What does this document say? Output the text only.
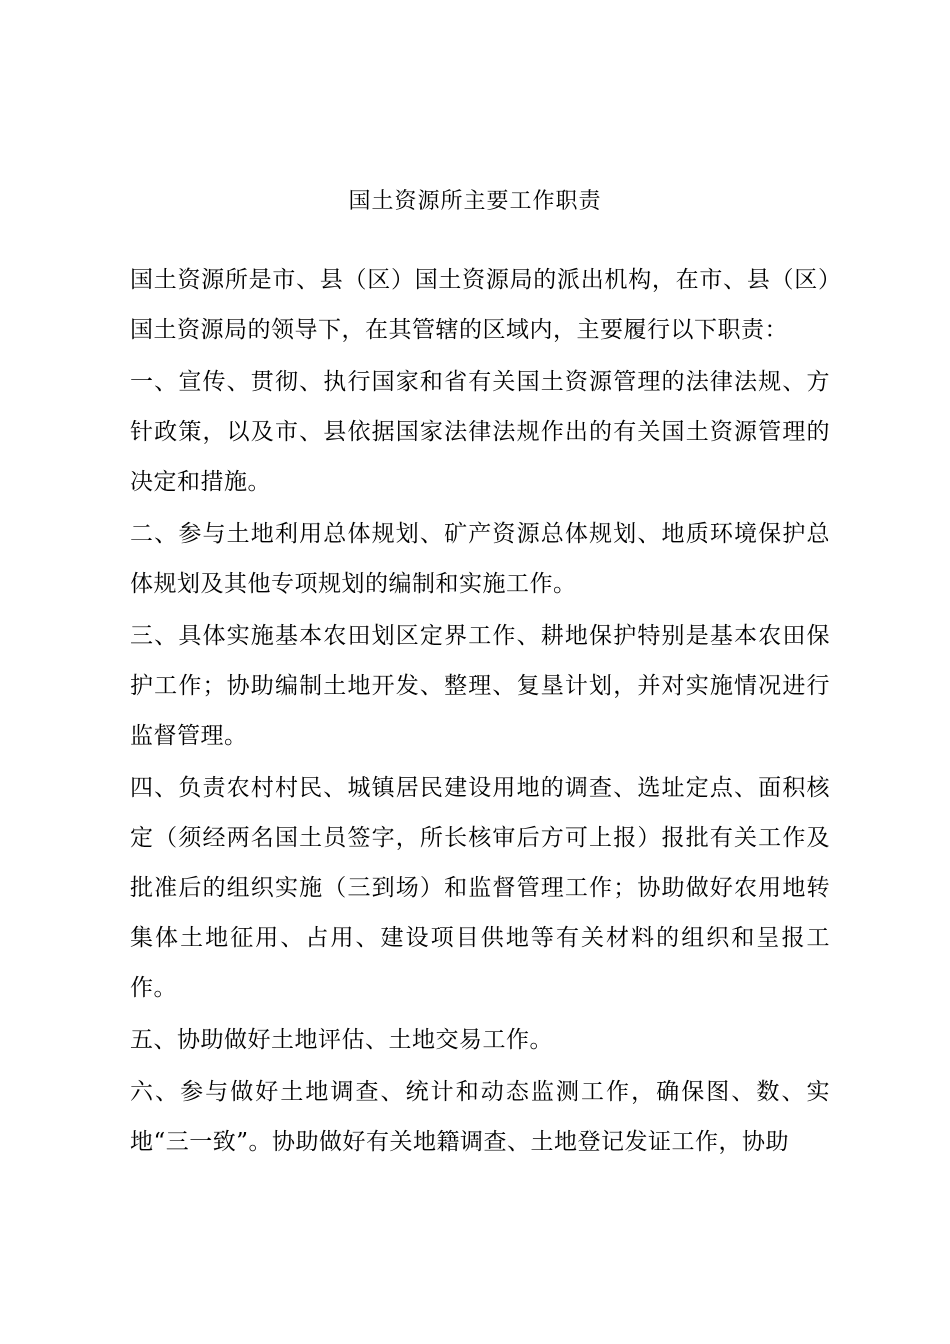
国土资源所主要工作职责

国土资源所是市、县（区）国土资源局的派出机构，在市、县（区）国土资源局的领导下，在其管辖的区域内，主要履行以下职责：

一、宣传、贯彻、执行国家和省有关国土资源管理的法律法规、方针政策，以及市、县依据国家法律法规作出的有关国土资源管理的决定和措施。

二、参与土地利用总体规划、矿产资源总体规划、地质环境保护总体规划及其他专项规划的编制和实施工作。

三、具体实施基本农田划区定界工作、耕地保护特别是基本农田保护工作；协助编制土地开发、整理、复垦计划，并对实施情况进行监督管理。

四、负责农村村民、城镇居民建设用地的调查、选址定点、面积核定（须经两名国土员签字，所长核审后方可上报）报批有关工作及批准后的组织实施（三到场）和监督管理工作；协助做好农用地转集体土地征用、占用、建设项目供地等有关材料的组织和呈报工作。

五、协助做好土地评估、土地交易工作。

六、参与做好土地调查、统计和动态监测工作，确保图、数、实地“三一致”。协助做好有关地籍调查、土地登记发证工作，协助
